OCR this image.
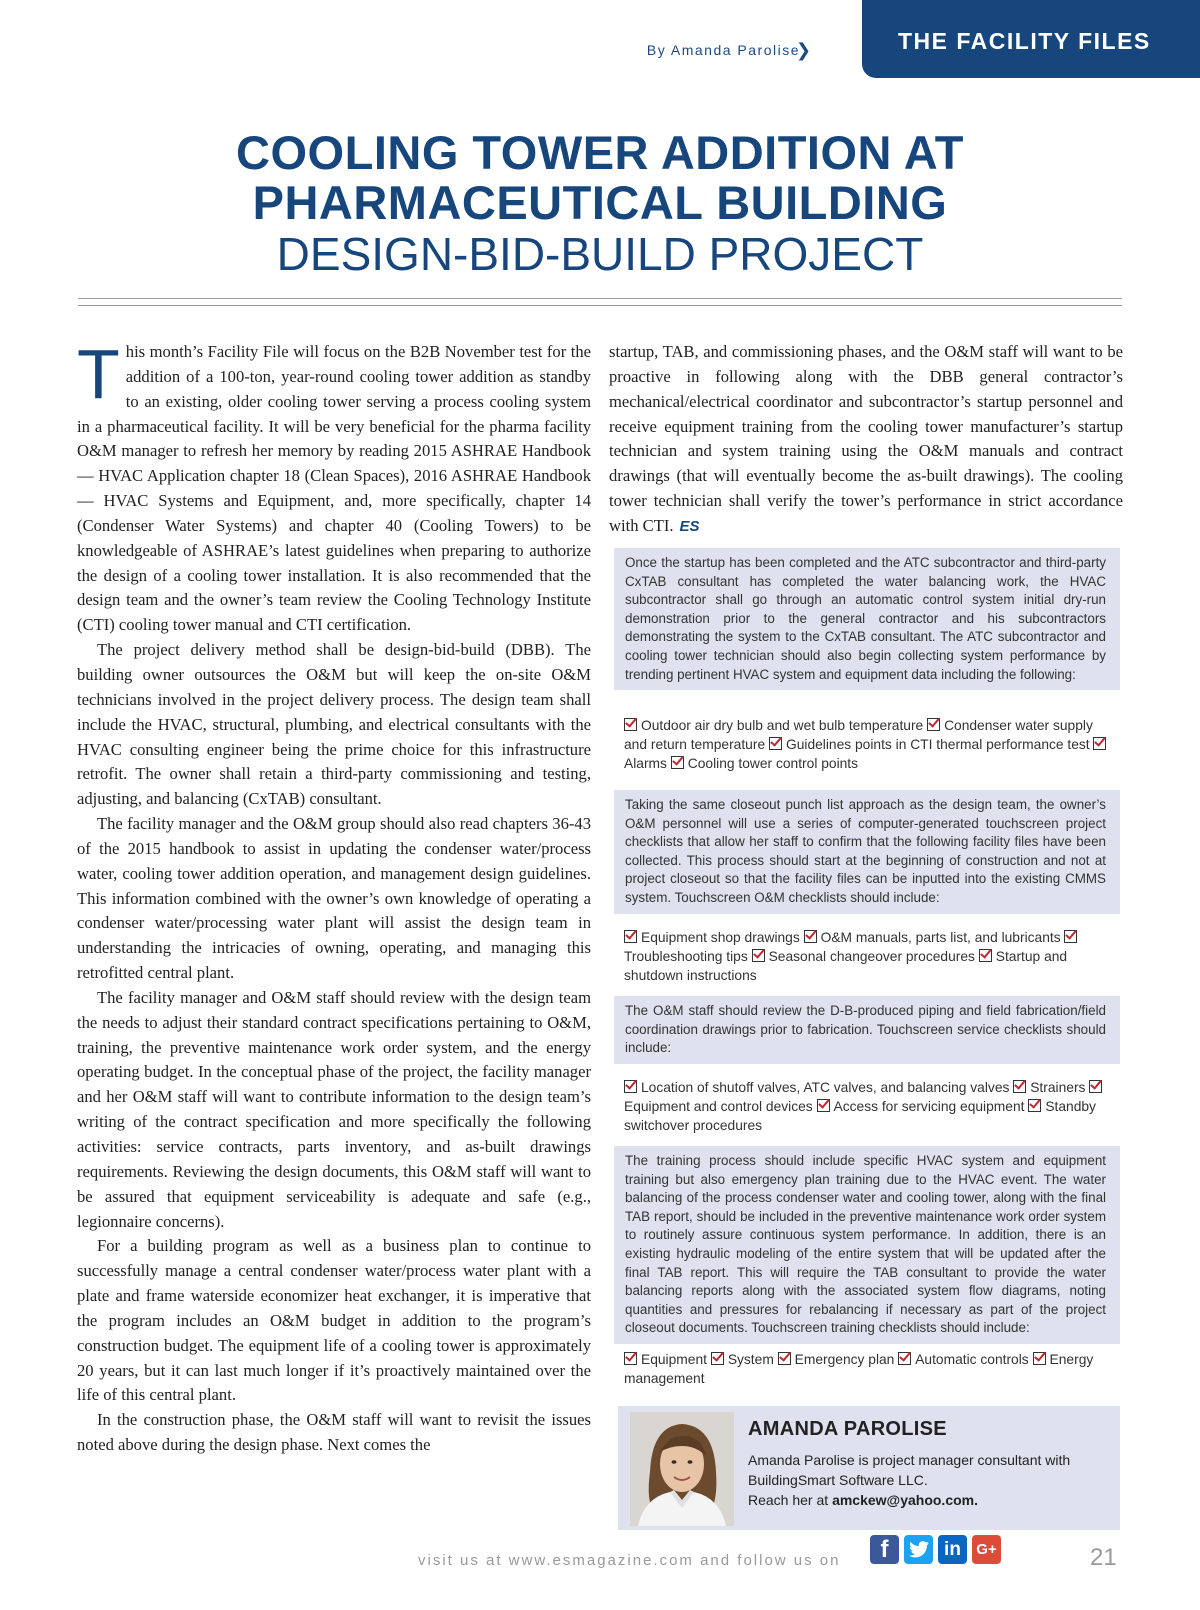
By Amanda Parolise
❯	THE FACILITY FILES
COOLING TOWER ADDITION AT
PHARMACEUTICAL BUILDING
DESIGN-BID-BUILD PROJECT

This month’s Facility File will focus on the B2B November test for the addition of a 100-ton, year-round cooling tower addition as standby to an existing, older cooling tower serving a process cooling system in a pharmaceutical facility. It will be very beneficial for the pharma facility O&M manager to refresh her memory by reading 2015 ASHRAE Handbook — HVAC Application chapter 18 (Clean Spaces), 2016 ASHRAE Handbook — HVAC Systems and Equipment, and, more specifically, chapter 14 (Condenser Water Systems) and chapter 40 (Cooling Towers) to be knowledgeable of ASHRAE’s latest guidelines when preparing to authorize the design of a cooling tower installation. It is also recommended that the design team and the owner’s team review the Cooling Technology Institute (CTI) cooling tower manual and CTI certification.

The project delivery method shall be design-bid-build (DBB). The building owner outsources the O&M but will keep the on-site O&M technicians involved in the project delivery process. The design team shall include the HVAC, structural, plumbing, and electrical consultants with the HVAC consulting engineer being the prime choice for this infrastructure retrofit. The owner shall retain a third-party commissioning and testing, adjusting, and balancing (CxTAB) consultant.

The facility manager and the O&M group should also read chapters 36-43 of the 2015 handbook to assist in updating the condenser water/process water, cooling tower addition operation, and management design guidelines. This information combined with the owner’s own knowledge of operating a condenser water/processing water plant will assist the design team in understanding the intricacies of owning, operating, and managing this retrofitted central plant.

The facility manager and O&M staff should review with the design team the needs to adjust their standard contract specifications pertaining to O&M, training, the preventive maintenance work order system, and the energy operating budget. In the conceptual phase of the project, the facility manager and her O&M staff will want to contribute information to the design team’s writing of the contract specification and more specifically the following activities: service contracts, parts inventory, and as-built drawings requirements. Reviewing the design documents, this O&M staff will want to be assured that equipment serviceability is adequate and safe (e.g., legionnaire concerns).

For a building program as well as a business plan to continue to successfully manage a central condenser water/process water plant with a plate and frame waterside economizer heat exchanger, it is imperative that the program includes an O&M budget in addition to the program’s construction budget. The equipment life of a cooling tower is approximately 20 years, but it can last much longer if it’s proactively maintained over the life of this central plant.

In the construction phase, the O&M staff will want to revisit the issues noted above during the design phase. Next comes the

startup, TAB, and commissioning phases, and the O&M staff will want to be proactive in following along with the DBB general contractor’s mechanical/electrical coordinator and subcontractor’s startup personnel and receive equipment training from the cooling tower manufacturer’s startup technician and system training using the O&M manuals and contract drawings (that will eventually become the as-built drawings). The cooling tower technician shall verify the tower’s performance in strict accordance with CTI. ES

Once the startup has been completed and the ATC subcontractor and third-party CxTAB consultant has completed the water balancing work, the HVAC subcontractor shall go through an automatic control system initial dry-run demonstration prior to the general contractor and his subcontractors demonstrating the system to the CxTAB consultant. The ATC subcontractor and cooling tower technician should also begin collecting system performance by trending pertinent HVAC system and equipment data including the following:
Outdoor air dry bulb and wet bulb temperature Condenser water supply and return temperature Guidelines points in CTI thermal performance test Alarms Cooling tower control points
Taking the same closeout punch list approach as the design team, the owner’s O&M personnel will use a series of computer-generated touchscreen project checklists that allow her staff to confirm that the following facility files have been collected. This process should start at the beginning of construction and not at project closeout so that the facility files can be inputted into the existing CMMS system. Touchscreen O&M checklists should include:
Equipment shop drawings O&M manuals, parts list, and lubricants Troubleshooting tips Seasonal changeover procedures Startup and shutdown instructions
The O&M staff should review the D-B-produced piping and field fabrication/field coordination drawings prior to fabrication. Touchscreen service checklists should include:
Location of shutoff valves, ATC valves, and balancing valves Strainers Equipment and control devices Access for servicing equipment Standby switchover procedures
The training process should include specific HVAC system and equipment training but also emergency plan training due to the HVAC event. The water balancing of the process condenser water and cooling tower, along with the final TAB report, should be included in the preventive maintenance work order system to routinely assure continuous system performance. In addition, there is an existing hydraulic modeling of the entire system that will be updated after the final TAB report. This will require the TAB consultant to provide the water balancing reports along with the associated system flow diagrams, noting quantities and pressures for rebalancing if necessary as part of the project closeout documents. Touchscreen training checklists should include:
Equipment System Emergency plan Automatic controls Energy management
AMANDA PAROLISE
Amanda Parolise is project manager consultant with BuildingSmart Software LLC.
Reach her at amckew@yahoo.com.
visit us at www.esmagazine.com and follow us on	f	in	G+	21
